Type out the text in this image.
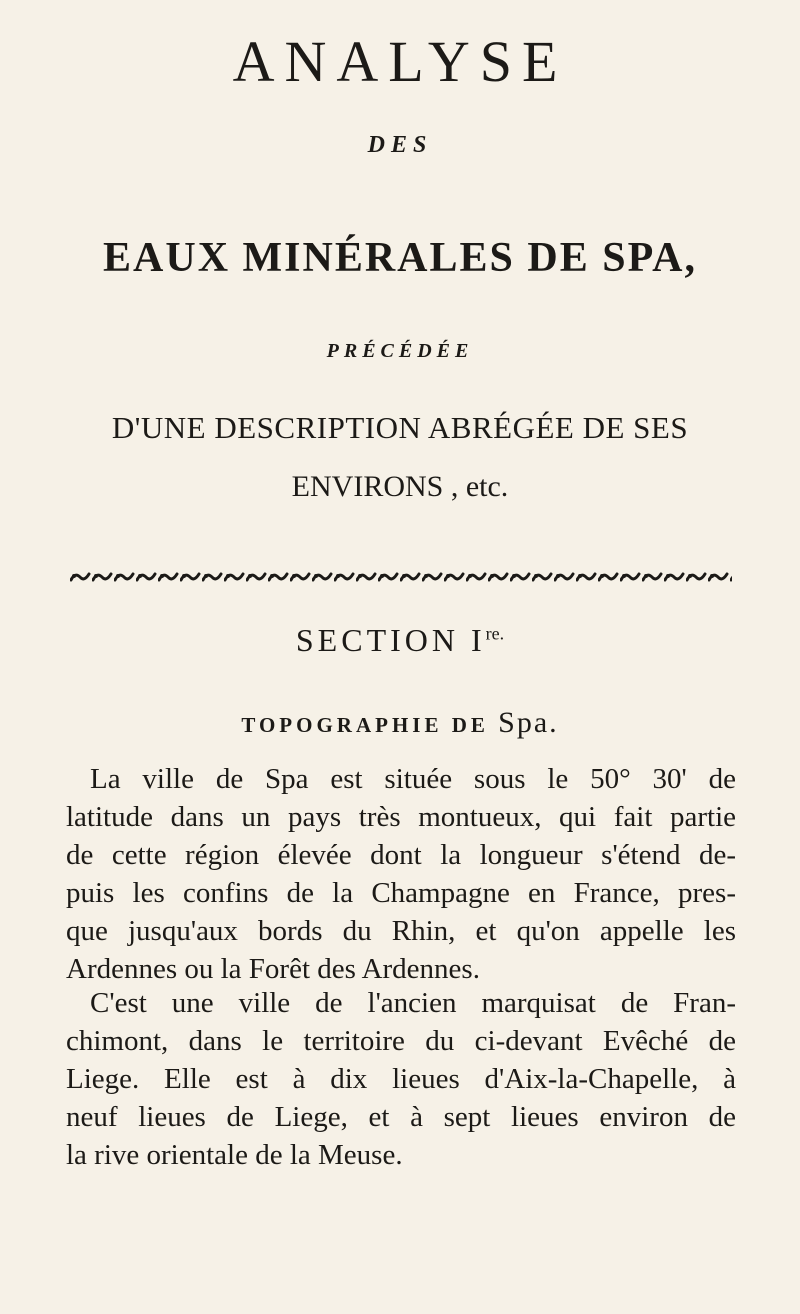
ANALYSE
DES
EAUX MINÉRALES DE SPA,
PRÉCÉDÉE
D'UNE DESCRIPTION ABRÉGÉE DE SES
ENVIRONS , etc.
SECTION $I^{re.}$
TOPOGRAPHIE DE Spa.
La ville de Spa est située sous le 50° 30' de
latitude dans un pays très montueux, qui fait partie
de cette région élevée dont la longueur s'étend de-
puis les confins de la Champagne en France, pres-
que jusqu'aux bords du Rhin, et qu'on appelle les
Ardennes ou la Forêt des Ardennes.
C'est une ville de l'ancien marquisat de Fran-
chimont, dans le territoire du ci-devant Evêché de
Liege. Elle est à dix lieues d'Aix-la-Chapelle, à
neuf lieues de Liege, et à sept lieues environ de
la rive orientale de la Meuse.
